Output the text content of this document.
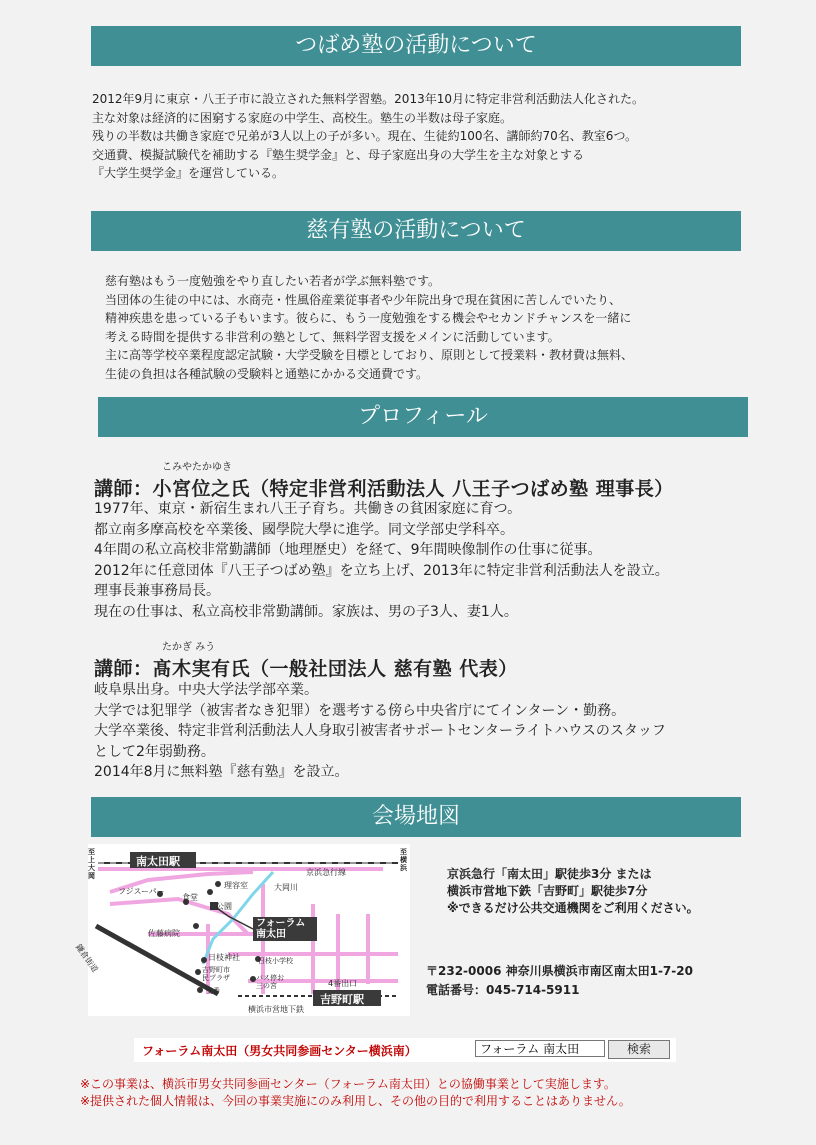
つばめ塾の活動について
2012年9月に東京・八王子市に設立された無料学習塾。2013年10月に特定非営利活動法人化された。
主な対象は経済的に困窮する家庭の中学生、高校生。塾生の半数は母子家庭。
残りの半数は共働き家庭で兄弟が3人以上の子が多い。現在、生徒約100名、講師約70名、教室6つ。
交通費、模擬試験代を補助する『塾生奨学金』と、母子家庭出身の大学生を主な対象とする
『大学生奨学金』を運営している。
慈有塾の活動について
慈有塾はもう一度勉強をやり直したい若者が学ぶ無料塾です。
当団体の生徒の中には、水商売・性風俗産業従事者や少年院出身で現在貧困に苦しんでいたり、
精神疾患を患っている子もいます。彼らに、もう一度勉強をする機会やセカンドチャンスを一緒に
考える時間を提供する非営利の塾として、無料学習支援をメインに活動しています。
主に高等学校卒業程度認定試験・大学受験を目標としており、原則として授業料・教材費は無料、
生徒の負担は各種試験の受験料と通塾にかかる交通費です。
プロフィール
こみやたかゆき
講師：小宮位之氏（特定非営利活動法人 八王子つばめ塾 理事長）
1977年、東京・新宿生まれ八王子育ち。共働きの貧困家庭に育つ。
都立南多摩高校を卒業後、國學院大學に進学。同文学部史学科卒。
4年間の私立高校非常勤講師（地理歴史）を経て、9年間映像制作の仕事に従事。
2012年に任意団体『八王子つばめ塾』を立ち上げ、2013年に特定非営利活動法人を設立。
理事長兼事務局長。
現在の仕事は、私立高校非常勤講師。家族は、男の子3人、妻1人。
たかぎ みう
講師：髙木実有氏（一般社団法人 慈有塾 代表）
岐阜県出身。中央大学法学部卒業。
大学では犯罪学（被害者なき犯罪）を選考する傍ら中央省庁にてインターン・勤務。
大学卒業後、特定非営利活動法人人身取引被害者サポートセンターライトハウスのスタッフ
として2年弱勤務。
2014年8月に無料塾『慈有塾』を設立。
会場地図
南太田駅
フォーラム南太田
吉野町駅
至上大岡
至横浜
京浜急行線
フジスーパー
理容室
食堂
公園
大岡川
佐藤病院
日枝神社	日枝小学校
吉野町市民プラザ
交番
バス停お三の宮	4番出口
鎌倉街道
横浜市営地下鉄
京浜急行「南太田」駅徒歩3分 または
横浜市営地下鉄「吉野町」駅徒歩7分
※できるだけ公共交通機関をご利用ください。
〒232-0006 神奈川県横浜市南区南太田1-7-20
電話番号：045-714-5911
フォーラム南太田（男女共同参画センター横浜南）
フォーラム 南太田	検索
※この事業は、横浜市男女共同参画センター（フォーラム南太田）との協働事業として実施します。
※提供された個人情報は、今回の事業実施にのみ利用し、その他の目的で利用することはありません。
